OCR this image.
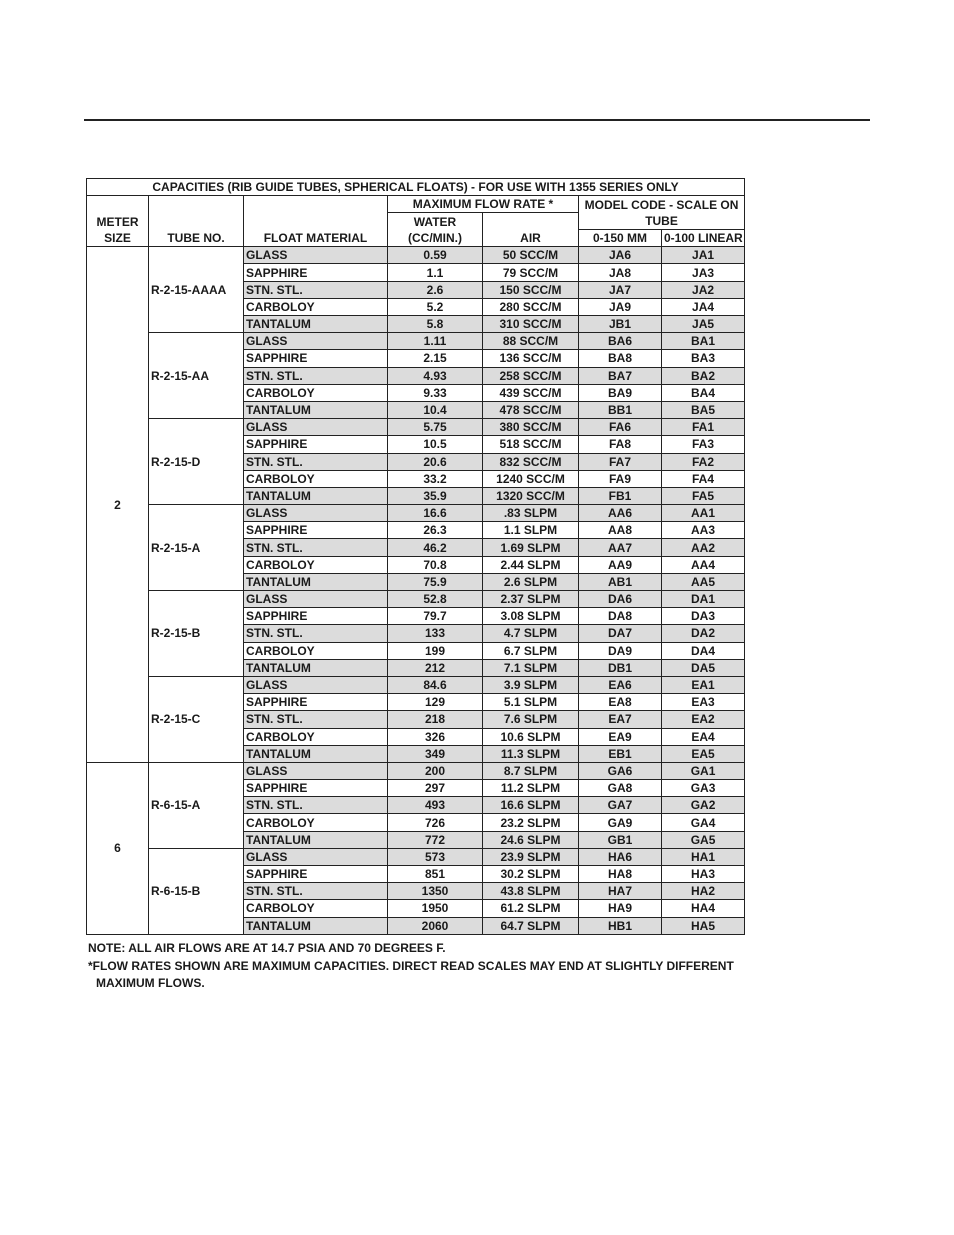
CAPACITIES (RIB GUIDE TUBES, SPHERICAL FLOATS) - FOR USE WITH 1355 SERIES ONLY						
			MAXIMUM FLOW RATE *		MODEL CODE - SCALE ON	
METER			WATER		TUBE	
SIZE	TUBE NO.	FLOAT MATERIAL	(CC/MIN.)	AIR	0-150 MM	0-100 LINEAR
2	R-2-15-AAAA	GLASS	0.59	50 SCC/M	JA6	JA1
		SAPPHIRE	1.1	79 SCC/M	JA8	JA3
		STN. STL.	2.6	150 SCC/M	JA7	JA2
		CARBOLOY	5.2	280 SCC/M	JA9	JA4
		TANTALUM	5.8	310 SCC/M	JB1	JA5
	R-2-15-AA	GLASS	1.11	88 SCC/M	BA6	BA1
		SAPPHIRE	2.15	136 SCC/M	BA8	BA3
		STN. STL.	4.93	258 SCC/M	BA7	BA2
		CARBOLOY	9.33	439 SCC/M	BA9	BA4
		TANTALUM	10.4	478 SCC/M	BB1	BA5
	R-2-15-D	GLASS	5.75	380 SCC/M	FA6	FA1
		SAPPHIRE	10.5	518 SCC/M	FA8	FA3
		STN. STL.	20.6	832 SCC/M	FA7	FA2
		CARBOLOY	33.2	1240 SCC/M	FA9	FA4
		TANTALUM	35.9	1320 SCC/M	FB1	FA5
	R-2-15-A	GLASS	16.6	.83 SLPM	AA6	AA1
		SAPPHIRE	26.3	1.1 SLPM	AA8	AA3
		STN. STL.	46.2	1.69 SLPM	AA7	AA2
		CARBOLOY	70.8	2.44 SLPM	AA9	AA4
		TANTALUM	75.9	2.6 SLPM	AB1	AA5
	R-2-15-B	GLASS	52.8	2.37 SLPM	DA6	DA1
		SAPPHIRE	79.7	3.08 SLPM	DA8	DA3
		STN. STL.	133	4.7 SLPM	DA7	DA2
		CARBOLOY	199	6.7 SLPM	DA9	DA4
		TANTALUM	212	7.1 SLPM	DB1	DA5
	R-2-15-C	GLASS	84.6	3.9 SLPM	EA6	EA1
		SAPPHIRE	129	5.1 SLPM	EA8	EA3
		STN. STL.	218	7.6 SLPM	EA7	EA2
		CARBOLOY	326	10.6 SLPM	EA9	EA4
		TANTALUM	349	11.3 SLPM	EB1	EA5
6	R-6-15-A	GLASS	200	8.7 SLPM	GA6	GA1
		SAPPHIRE	297	11.2 SLPM	GA8	GA3
		STN. STL.	493	16.6 SLPM	GA7	GA2
		CARBOLOY	726	23.2 SLPM	GA9	GA4
		TANTALUM	772	24.6 SLPM	GB1	GA5
	R-6-15-B	GLASS	573	23.9 SLPM	HA6	HA1
		SAPPHIRE	851	30.2 SLPM	HA8	HA3
		STN. STL.	1350	43.8 SLPM	HA7	HA2
		CARBOLOY	1950	61.2 SLPM	HA9	HA4
		TANTALUM	2060	64.7 SLPM	HB1	HA5
NOTE: ALL AIR FLOWS ARE AT 14.7 PSIA AND 70 DEGREES F.
*FLOW RATES SHOWN ARE MAXIMUM CAPACITIES. DIRECT READ SCALES MAY END AT SLIGHTLY DIFFERENT
MAXIMUM FLOWS.
